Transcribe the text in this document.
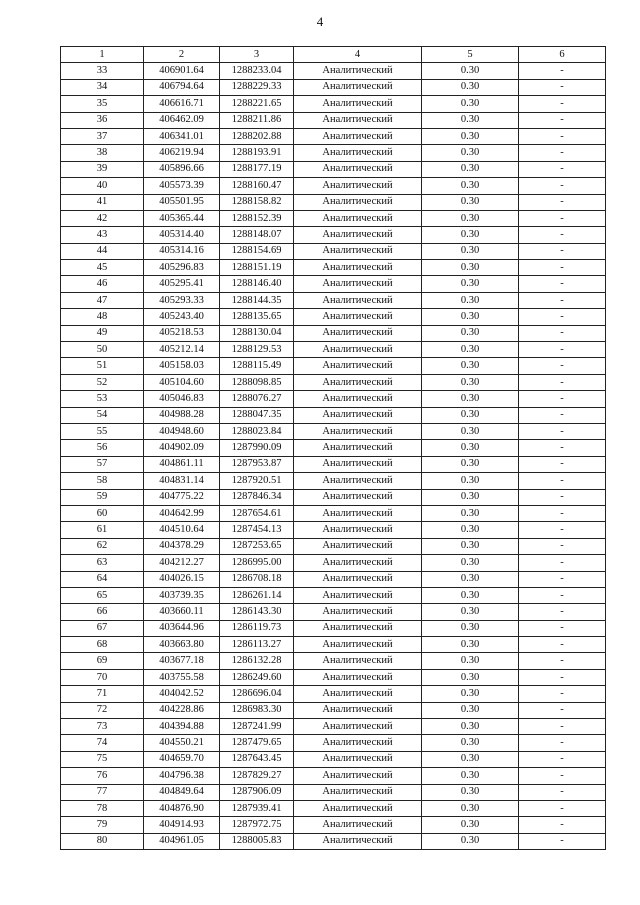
4
1	2	3	4	5	6
33	406901.64	1288233.04	Аналитический	0.30	-
34	406794.64	1288229.33	Аналитический	0.30	-
35	406616.71	1288221.65	Аналитический	0.30	-
36	406462.09	1288211.86	Аналитический	0.30	-
37	406341.01	1288202.88	Аналитический	0.30	-
38	406219.94	1288193.91	Аналитический	0.30	-
39	405896.66	1288177.19	Аналитический	0.30	-
40	405573.39	1288160.47	Аналитический	0.30	-
41	405501.95	1288158.82	Аналитический	0.30	-
42	405365.44	1288152.39	Аналитический	0.30	-
43	405314.40	1288148.07	Аналитический	0.30	-
44	405314.16	1288154.69	Аналитический	0.30	-
45	405296.83	1288151.19	Аналитический	0.30	-
46	405295.41	1288146.40	Аналитический	0.30	-
47	405293.33	1288144.35	Аналитический	0.30	-
48	405243.40	1288135.65	Аналитический	0.30	-
49	405218.53	1288130.04	Аналитический	0.30	-
50	405212.14	1288129.53	Аналитический	0.30	-
51	405158.03	1288115.49	Аналитический	0.30	-
52	405104.60	1288098.85	Аналитический	0.30	-
53	405046.83	1288076.27	Аналитический	0.30	-
54	404988.28	1288047.35	Аналитический	0.30	-
55	404948.60	1288023.84	Аналитический	0.30	-
56	404902.09	1287990.09	Аналитический	0.30	-
57	404861.11	1287953.87	Аналитический	0.30	-
58	404831.14	1287920.51	Аналитический	0.30	-
59	404775.22	1287846.34	Аналитический	0.30	-
60	404642.99	1287654.61	Аналитический	0.30	-
61	404510.64	1287454.13	Аналитический	0.30	-
62	404378.29	1287253.65	Аналитический	0.30	-
63	404212.27	1286995.00	Аналитический	0.30	-
64	404026.15	1286708.18	Аналитический	0.30	-
65	403739.35	1286261.14	Аналитический	0.30	-
66	403660.11	1286143.30	Аналитический	0.30	-
67	403644.96	1286119.73	Аналитический	0.30	-
68	403663.80	1286113.27	Аналитический	0.30	-
69	403677.18	1286132.28	Аналитический	0.30	-
70	403755.58	1286249.60	Аналитический	0.30	-
71	404042.52	1286696.04	Аналитический	0.30	-
72	404228.86	1286983.30	Аналитический	0.30	-
73	404394.88	1287241.99	Аналитический	0.30	-
74	404550.21	1287479.65	Аналитический	0.30	-
75	404659.70	1287643.45	Аналитический	0.30	-
76	404796.38	1287829.27	Аналитический	0.30	-
77	404849.64	1287906.09	Аналитический	0.30	-
78	404876.90	1287939.41	Аналитический	0.30	-
79	404914.93	1287972.75	Аналитический	0.30	-
80	404961.05	1288005.83	Аналитический	0.30	-
